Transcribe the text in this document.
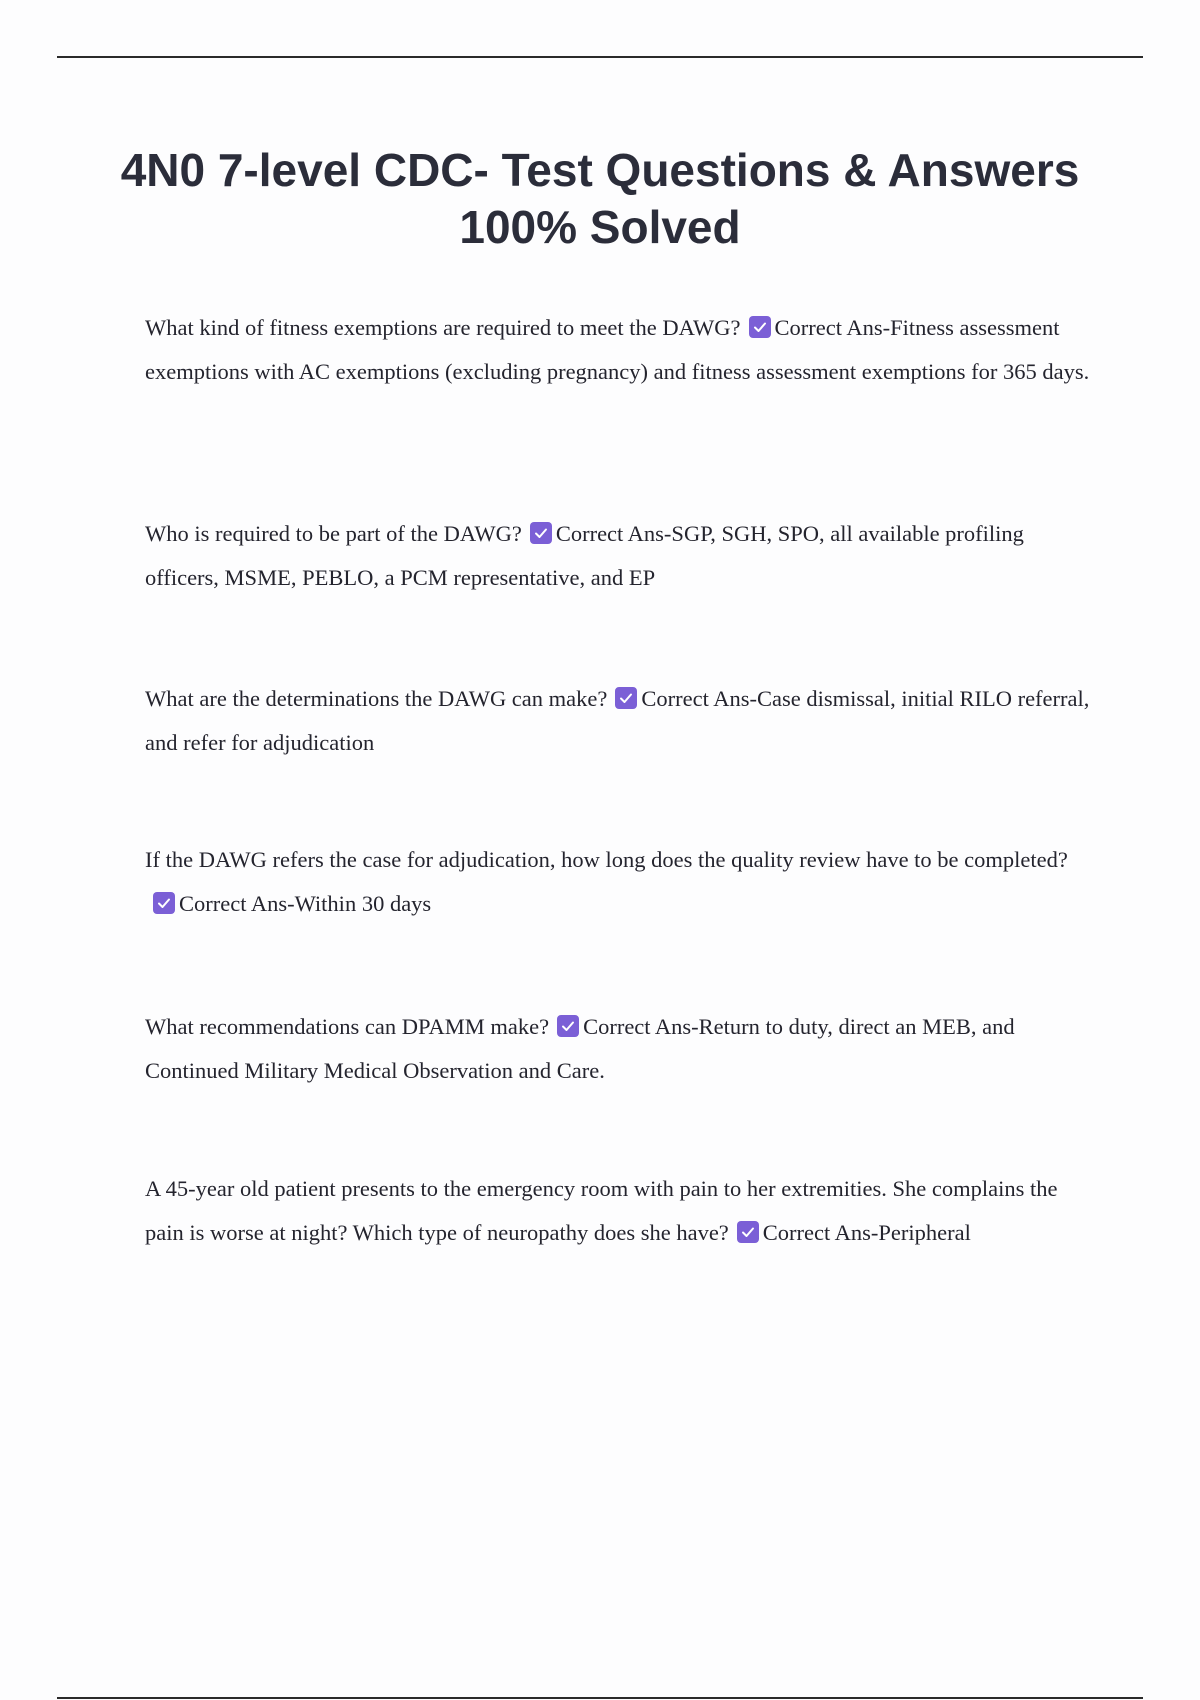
4N0 7-level CDC- Test Questions & Answers 100% Solved

What kind of fitness exemptions are required to meet the DAWG? Correct Ans-Fitness assessment exemptions with AC exemptions (excluding pregnancy) and fitness assessment exemptions for 365 days.

Who is required to be part of the DAWG? Correct Ans-SGP, SGH, SPO, all available profiling officers, MSME, PEBLO, a PCM representative, and EP

What are the determinations the DAWG can make? Correct Ans-Case dismissal, initial RILO referral, and refer for adjudication

If the DAWG refers the case for adjudication, how long does the quality review have to be completed?
Correct Ans-Within 30 days

What recommendations can DPAMM make? Correct Ans-Return to duty, direct an MEB, and Continued Military Medical Observation and Care.

A 45-year old patient presents to the emergency room with pain to her extremities. She complains the pain is worse at night? Which type of neuropathy does she have? Correct Ans-Peripheral
